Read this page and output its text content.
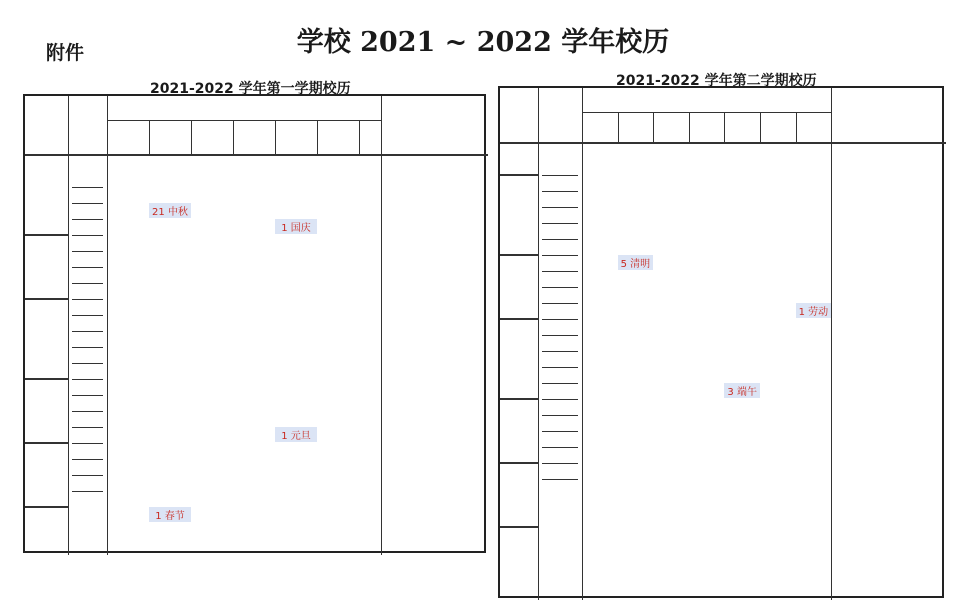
附件	学校 2021 ~ 2022 学年校历
2021-2022 学年第一学期校历	2021-2022 学年第二学期校历
21 中秋
1 国庆
1 元旦
1 春节
5 清明
1 劳动
3 端午
